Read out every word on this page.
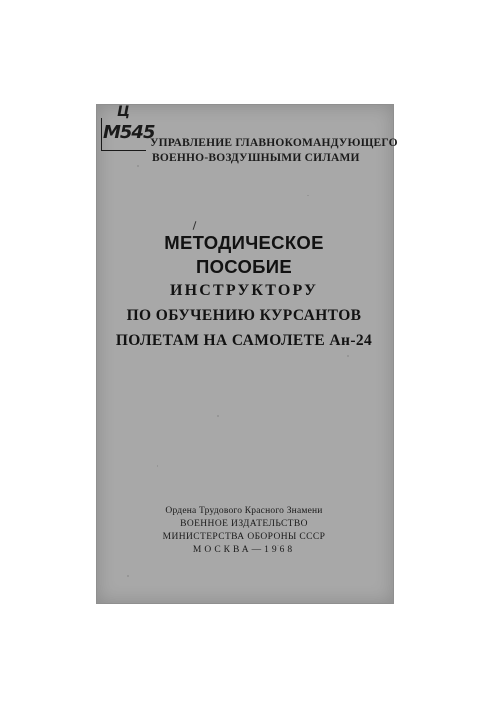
Ц
M545
УПРАВЛЕНИЕ ГЛАВНОКОМАНДУЮЩЕГО
ВОЕННО-ВОЗДУШНЫМИ СИЛАМИ
МЕТОДИЧЕСКОЕ
ПОСОБИЕ
ИНСТРУКТОРУ
ПО ОБУЧЕНИЮ КУРСАНТОВ
ПОЛЕТАМ НА САМОЛЕТЕ Ан-24
Ордена Трудового Красного Знамени
ВОЕННОЕ ИЗДАТЕЛЬСТВО
МИНИСТЕРСТВА ОБОРОНЫ СССР
МОСКВА—1968
